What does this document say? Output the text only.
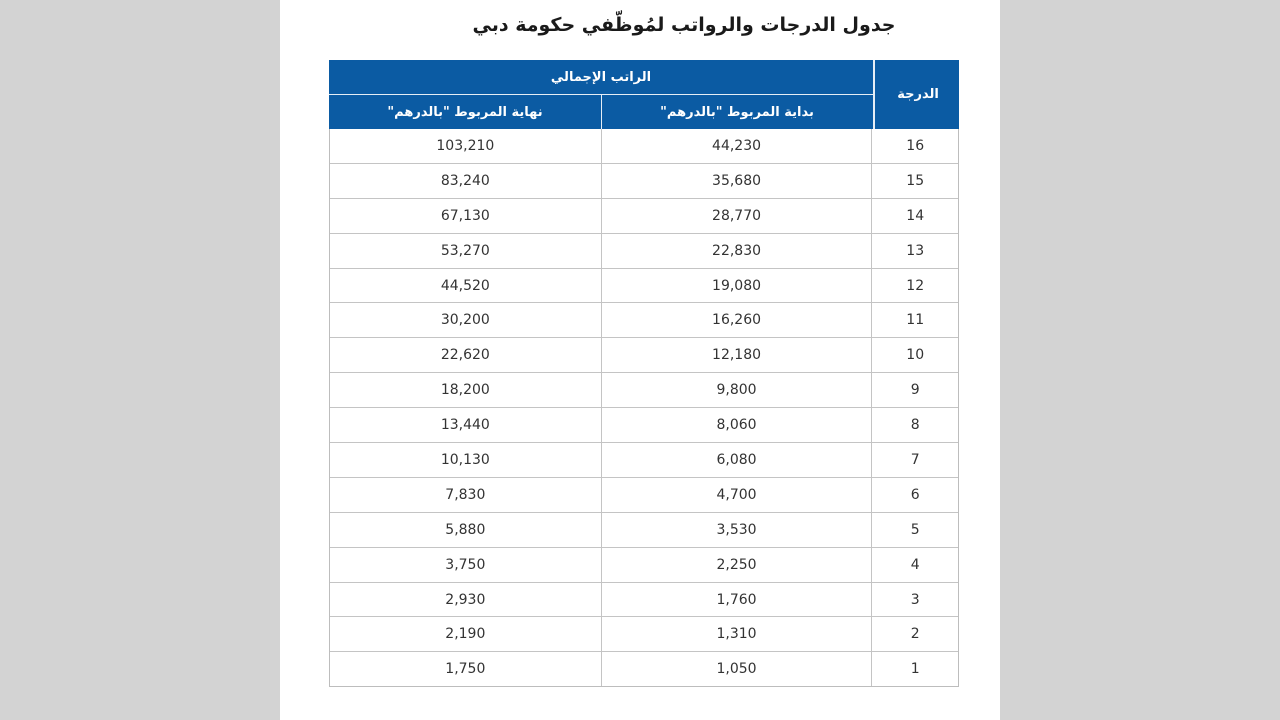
جدول الدرجات والرواتب لمُوظّفي حكومة دبي
الراتب الإجمالي
نهاية المربوط "بالدرهم"	بداية المربوط "بالدرهم"
الدرجة
103,210	44,230	16
83,240	35,680	15
67,130	28,770	14
53,270	22,830	13
44,520	19,080	12
30,200	16,260	11
22,620	12,180	10
18,200	9,800	9
13,440	8,060	8
10,130	6,080	7
7,830	4,700	6
5,880	3,530	5
3,750	2,250	4
2,930	1,760	3
2,190	1,310	2
1,750	1,050	1
